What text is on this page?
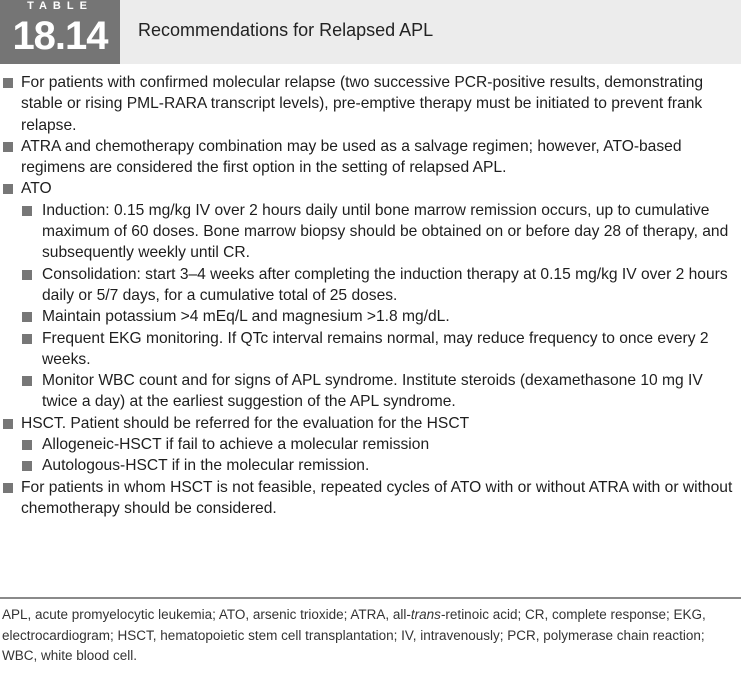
TABLE
18.14	Recommendations for Relapsed APL
For patients with confirmed molecular relapse (two successive PCR-positive results, demonstrating stable or rising PML-RARA transcript levels), pre-emptive therapy must be initiated to prevent frank relapse.
ATRA and chemotherapy combination may be used as a salvage regimen; however, ATO-based regimens are considered the first option in the setting of relapsed APL.
ATO
Induction: 0.15 mg/kg IV over 2 hours daily until bone marrow remission occurs, up to cumulative maximum of 60 doses. Bone marrow biopsy should be obtained on or before day 28 of therapy, and subsequently weekly until CR.
Consolidation: start 3–4 weeks after completing the induction therapy at 0.15 mg/kg IV over 2 hours daily or 5/7 days, for a cumulative total of 25 doses.
Maintain potassium >4 mEq/L and magnesium >1.8 mg/dL.
Frequent EKG monitoring. If QTc interval remains normal, may reduce frequency to once every 2 weeks.
Monitor WBC count and for signs of APL syndrome. Institute steroids (dexamethasone 10 mg IV twice a day) at the earliest suggestion of the APL syndrome.
HSCT. Patient should be referred for the evaluation for the HSCT
Allogeneic-HSCT if fail to achieve a molecular remission
Autologous-HSCT if in the molecular remission.
For patients in whom HSCT is not feasible, repeated cycles of ATO with or without ATRA with or without chemotherapy should be considered.
APL, acute promyelocytic leukemia; ATO, arsenic trioxide; ATRA, all-trans-retinoic acid; CR, complete response; EKG, electrocardiogram; HSCT, hematopoietic stem cell transplantation; IV, intravenously; PCR, polymerase chain reaction; WBC, white blood cell.
